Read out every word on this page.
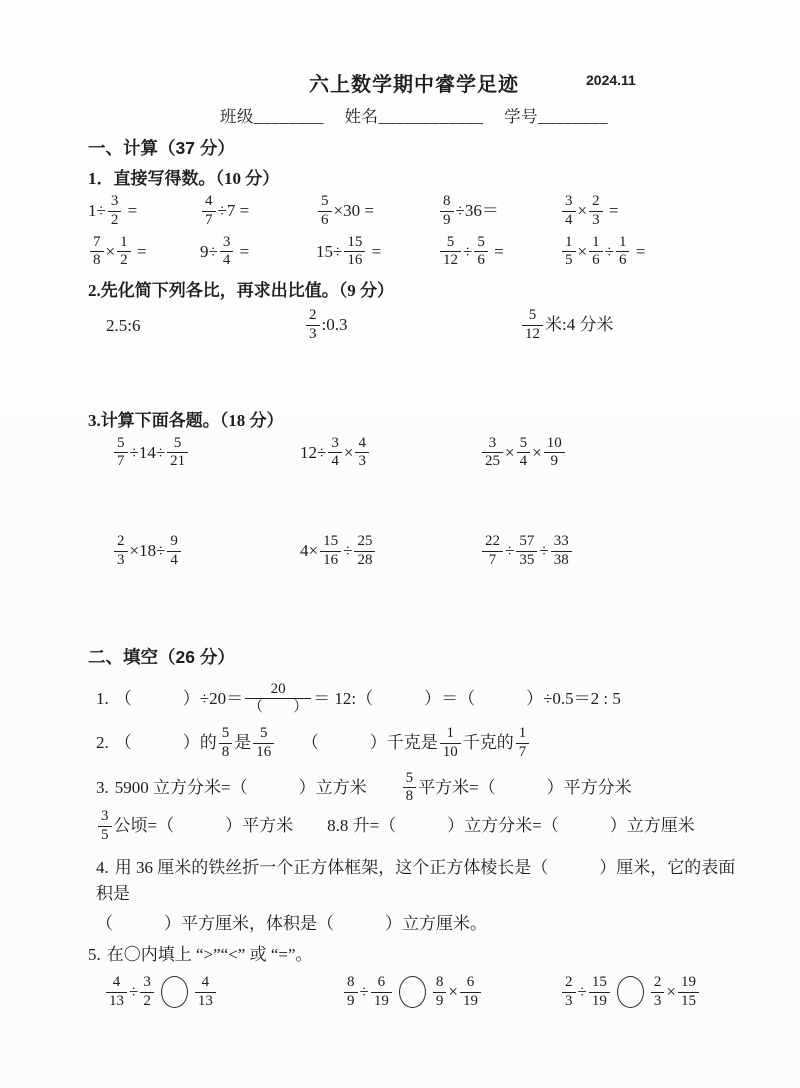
六上数学期中睿学足迹	2024.11
班级________ 姓名____________ 学号________
一、计算（37 分）
1．直接写得数。（10 分）
$1\div \frac{3}{2}$ =	$\frac{4}{7} \div 7$ =	$\frac{5}{6} \times 30$ =	$\frac{8}{9} \div 36=$	$\frac{3}{4} \times \frac{2}{3}$ =
$\frac{7}{8} \times \frac{1}{2}$ =	$9\div \frac{3}{4}$ =	$15\div \frac{15}{16}$ =	$\frac{5}{12} \div \frac{5}{6}$ =	$\frac{1}{5} \times \frac{1}{6} \div \frac{1}{6}$ =
2.先化简下列各比，再求出比值。（9 分）
2.5:6	$\frac{2}{3}$ :0.3	$\frac{5}{12}$ 米:4 分米
3.计算下面各题。（18 分）
$\frac{5}{7} \div 14\div \frac{5}{21}$	$12\div \frac{3}{4} \times \frac{4}{3}$	$\frac{3}{25} \times \frac{5}{4} \times \frac{10}{9}$
$\frac{2}{3} \times 18\div \frac{9}{4}$	$4\times \frac{15}{16} \div \frac{25}{28}$	$\frac{22}{7} \div \frac{57}{35} \div \frac{33}{38}$
二、填空（26 分）
1. （　　　）$\div 20= \frac{20}{( )}$ ＝ 12:（　　　）＝（　　　）÷0.5＝2 : 5
2. （　　　）的 $\frac{5}{8}$ 是 $\frac{5}{16}$ 　　（　　　）千克是 $\frac{1}{10}$ 千克的 $\frac{1}{7}$
3. 5900 立方分米=（　　　）立方米　　 $\frac{5}{8}$ 平方米=（　　　）平方分米
$\frac{3}{5}$ 公顷=（　　　）平方米　　8.8 升=（　　　）立方分米=（　　　）立方厘米
4. 用 36 厘米的铁丝折一个正方体框架，这个正方体棱长是（　　　）厘米，它的表面积是
（　　　）平方厘米，体积是（　　　）立方厘米。
5. 在〇内填上 “>”“<” 或 “=”。
$\frac{4}{13} \div \frac{3}{2}$	$\frac{4}{13}$	$\frac{8}{9} \div \frac{6}{19}$	$\frac{8}{9} \times \frac{6}{19}$	$\frac{2}{3} \div \frac{15}{19}$	$\frac{2}{3} \times \frac{19}{15}$
